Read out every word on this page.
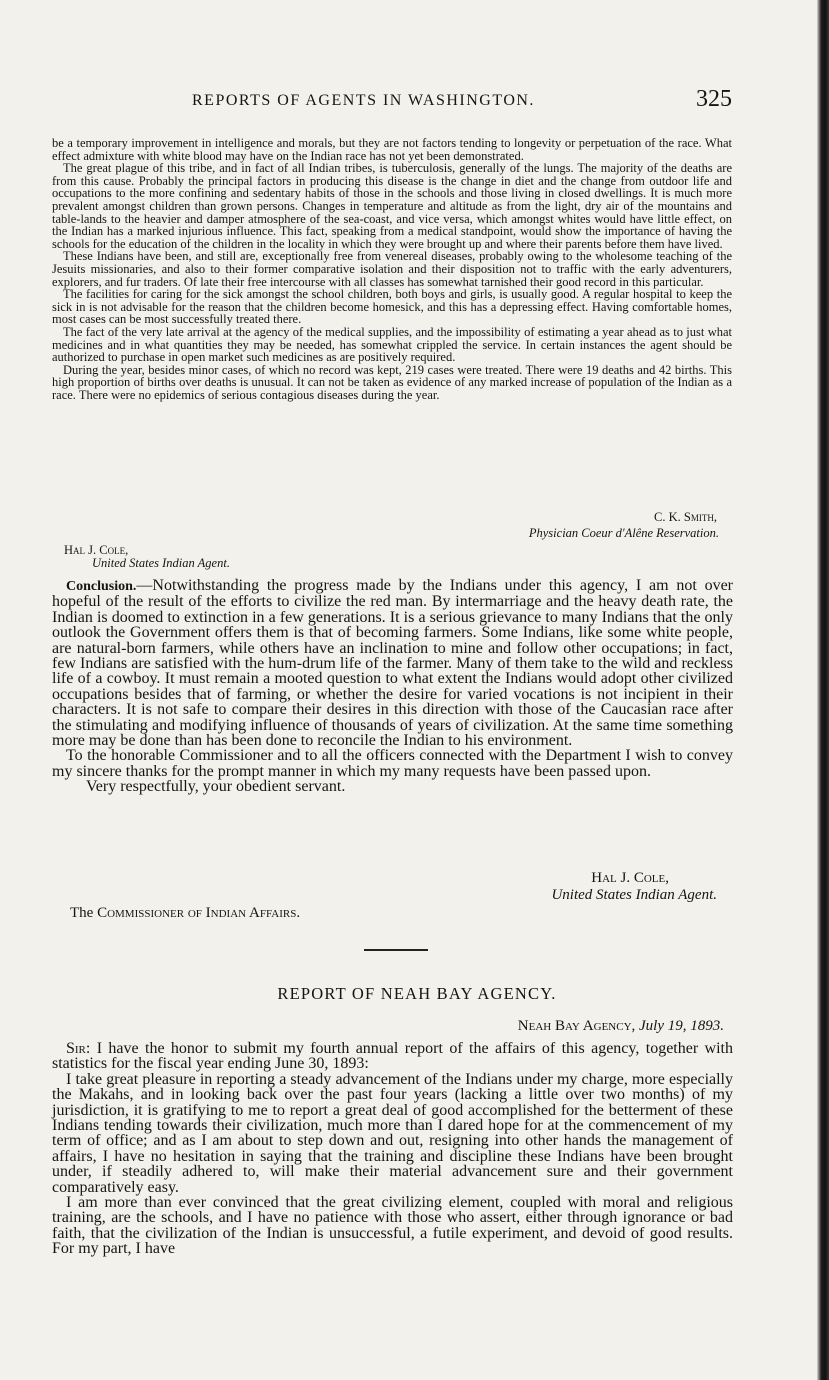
REPORTS OF AGENTS IN WASHINGTON.	325

be a temporary improvement in intelligence and morals, but they are not factors tending to longevity or perpetuation of the race. What effect admixture with white blood may have on the Indian race has not yet been demonstrated.

The great plague of this tribe, and in fact of all Indian tribes, is tuberculosis, generally of the lungs. The majority of the deaths are from this cause. Probably the principal factors in producing this disease is the change in diet and the change from outdoor life and occupations to the more confining and sedentary habits of those in the schools and those living in closed dwellings. It is much more prevalent amongst children than grown persons. Changes in temperature and altitude as from the light, dry air of the mountains and table-lands to the heavier and damper atmosphere of the sea-coast, and vice versa, which amongst whites would have little effect, on the Indian has a marked injurious influence. This fact, speaking from a medical standpoint, would show the importance of having the schools for the education of the children in the locality in which they were brought up and where their parents before them have lived.

These Indians have been, and still are, exceptionally free from venereal diseases, probably owing to the wholesome teaching of the Jesuits missionaries, and also to their former comparative isolation and their disposition not to traffic with the early adventurers, explorers, and fur traders. Of late their free intercourse with all classes has somewhat tarnished their good record in this particular.

The facilities for caring for the sick amongst the school children, both boys and girls, is usually good. A regular hospital to keep the sick in is not advisable for the reason that the children become homesick, and this has a depressing effect. Having comfortable homes, most cases can be most successfully treated there.

The fact of the very late arrival at the agency of the medical supplies, and the impossibility of estimating a year ahead as to just what medicines and in what quantities they may be needed, has somewhat crippled the service. In certain instances the agent should be authorized to purchase in open market such medicines as are positively required.

During the year, besides minor cases, of which no record was kept, 219 cases were treated. There were 19 deaths and 42 births. This high proportion of births over deaths is unusual. It can not be taken as evidence of any marked increase of population of the Indian as a race. There were no epidemics of serious contagious diseases during the year.

C. K. Smith,
Physician Coeur d'Alêne Reservation.
Hal J. Cole,
United States Indian Agent.

Conclusion.—Notwithstanding the progress made by the Indians under this agency, I am not over hopeful of the result of the efforts to civilize the red man. By intermarriage and the heavy death rate, the Indian is doomed to extinction in a few generations. It is a serious grievance to many Indians that the only outlook the Government offers them is that of becoming farmers. Some Indians, like some white people, are natural-born farmers, while others have an inclination to mine and follow other occupations; in fact, few Indians are satisfied with the hum-drum life of the farmer. Many of them take to the wild and reckless life of a cowboy. It must remain a mooted question to what extent the Indians would adopt other civilized occupations besides that of farming, or whether the desire for varied vocations is not incipient in their characters. It is not safe to compare their desires in this direction with those of the Caucasian race after the stimulating and modifying influence of thousands of years of civilization. At the same time something more may be done than has been done to reconcile the Indian to his environment.

To the honorable Commissioner and to all the officers connected with the Department I wish to convey my sincere thanks for the prompt manner in which my many requests have been passed upon.

Very respectfully, your obedient servant.

Hal J. Cole,
United States Indian Agent.
The Commissioner of Indian Affairs.
REPORT OF NEAH BAY AGENCY.
Neah Bay Agency, July 19, 1893.

Sir: I have the honor to submit my fourth annual report of the affairs of this agency, together with statistics for the fiscal year ending June 30, 1893:

I take great pleasure in reporting a steady advancement of the Indians under my charge, more especially the Makahs, and in looking back over the past four years (lacking a little over two months) of my jurisdiction, it is gratifying to me to report a great deal of good accomplished for the betterment of these Indians tending towards their civilization, much more than I dared hope for at the commencement of my term of office; and as I am about to step down and out, resigning into other hands the management of affairs, I have no hesitation in saying that the training and discipline these Indians have been brought under, if steadily adhered to, will make their material advancement sure and their government comparatively easy.

I am more than ever convinced that the great civilizing element, coupled with moral and religious training, are the schools, and I have no patience with those who assert, either through ignorance or bad faith, that the civilization of the Indian is unsuccessful, a futile experiment, and devoid of good results. For my part, I have
